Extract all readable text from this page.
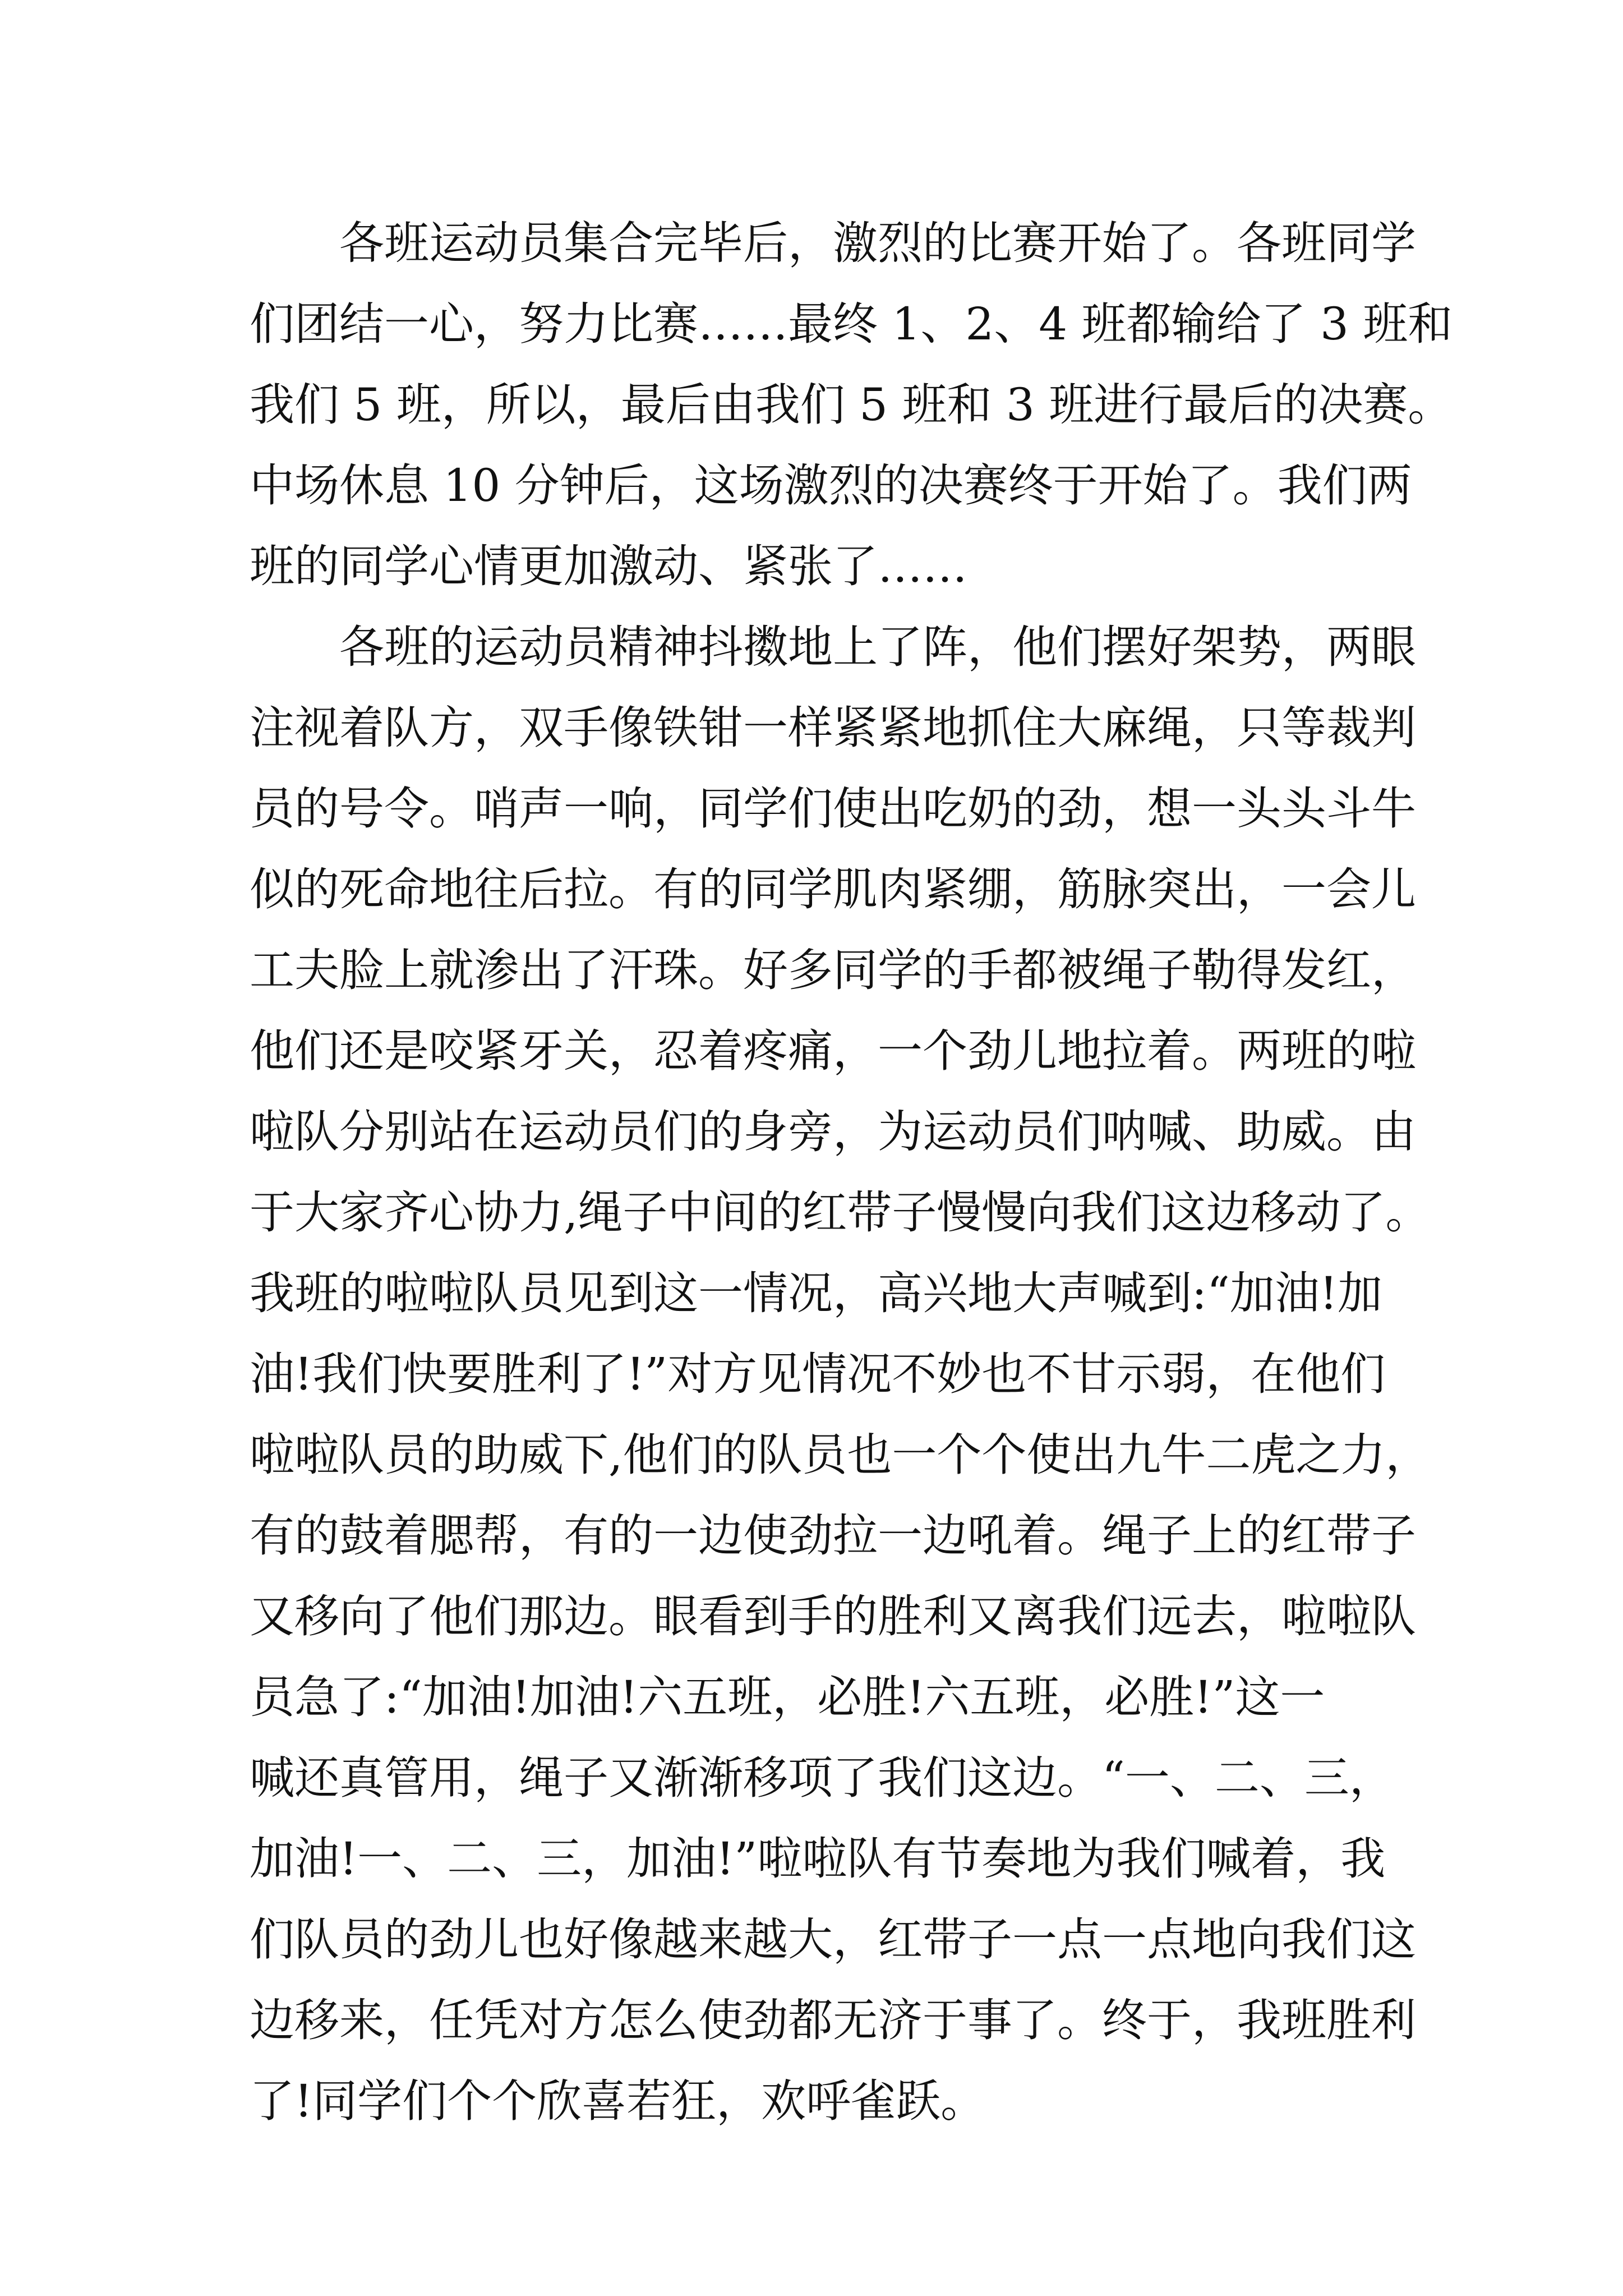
　　各班运动员集合完毕后，激烈的比赛开始了。各班同学
们团结一心，努力比赛……最终 1、2、4 班都输给了 3 班和
我们 5 班，所以，最后由我们 5 班和 3 班进行最后的决赛。
中场休息 10 分钟后，这场激烈的决赛终于开始了。我们两
班的同学心情更加激动、紧张了……
　　各班的运动员精神抖擞地上了阵，他们摆好架势，两眼
注视着队方，双手像铁钳一样紧紧地抓住大麻绳，只等裁判
员的号令。哨声一响，同学们使出吃奶的劲，想一头头斗牛
似的死命地往后拉。有的同学肌肉紧绷，筋脉突出，一会儿
工夫脸上就渗出了汗珠。好多同学的手都被绳子勒得发红，
他们还是咬紧牙关，忍着疼痛，一个劲儿地拉着。两班的啦
啦队分别站在运动员们的身旁，为运动员们呐喊、助威。由
于大家齐心协力,绳子中间的红带子慢慢向我们这边移动了。
我班的啦啦队员见到这一情况，高兴地大声喊到:“加油!加
油!我们快要胜利了!”对方见情况不妙也不甘示弱，在他们
啦啦队员的助威下,他们的队员也一个个使出九牛二虎之力，
有的鼓着腮帮，有的一边使劲拉一边吼着。绳子上的红带子
又移向了他们那边。眼看到手的胜利又离我们远去，啦啦队
员急了:“加油!加油!六五班，必胜!六五班，必胜!”这一
喊还真管用，绳子又渐渐移项了我们这边。“一、二、三，
加油!一、二、三，加油!”啦啦队有节奏地为我们喊着，我
们队员的劲儿也好像越来越大，红带子一点一点地向我们这
边移来，任凭对方怎么使劲都无济于事了。终于，我班胜利
了!同学们个个欣喜若狂，欢呼雀跃。
